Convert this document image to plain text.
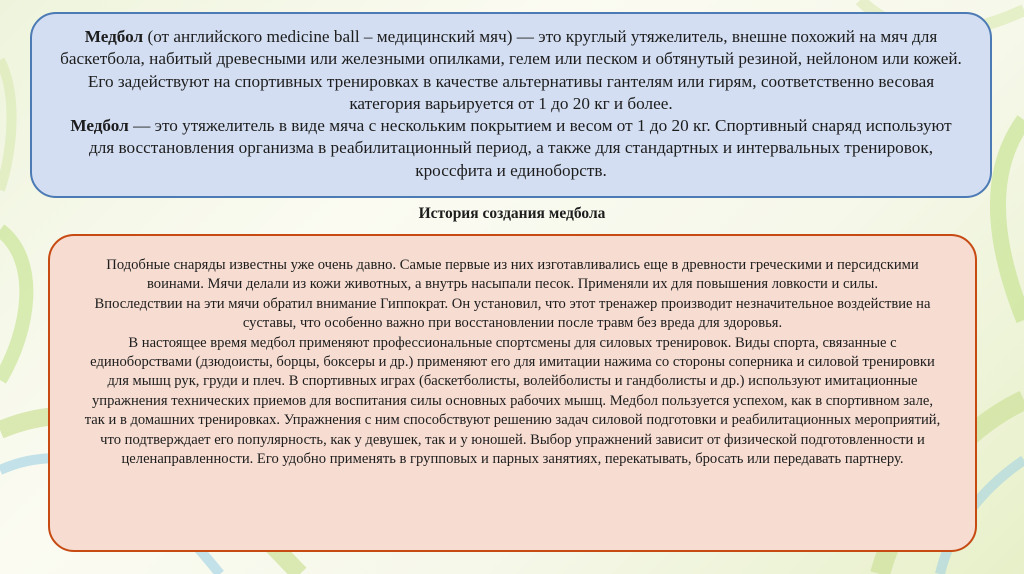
Медбол (от английского medicine ball – медицинский мяч) — это круглый утяжелитель, внешне похожий на мяч для баскетбола, набитый древесными или железными опилками, гелем или песком и обтянутый резиной, нейлоном или кожей. Его задействуют на спортивных тренировках в качестве альтернативы гантелям или гирям, соответственно весовая категория варьируется от 1 до 20 кг и более.

Медбол — это утяжелитель в виде мяча с нескольким покрытием и весом от 1 до 20 кг. Спортивный снаряд используют для восстановления организма в реабилитационный период, а также для стандартных и интервальных тренировок, кроссфита и единоборств.

История создания медбола

Подобные снаряды известны уже очень давно. Самые первые из них изготавливались еще в древности греческими и персидскими воинами. Мячи делали из кожи животных, а внутрь насыпали песок. Применяли их для повышения ловкости и силы.

Впоследствии на эти мячи обратил внимание Гиппократ. Он установил, что этот тренажер производит незначительное воздействие на суставы, что особенно важно при восстановлении после травм без вреда для здоровья.

В настоящее время медбол применяют профессиональные спортсмены для силовых тренировок. Виды спорта, связанные с единоборствами (дзюдоисты, борцы, боксеры и др.) применяют его для имитации нажима со стороны соперника и силовой тренировки для мышц рук, груди и плеч. В спортивных играх (баскетболисты, волейболисты и гандболисты и др.) используют имитационные упражнения технических приемов для воспитания силы основных рабочих мышц. Медбол пользуется успехом, как в спортивном зале, так и в домашних тренировках. Упражнения с ним способствуют решению задач силовой подготовки и реабилитационных мероприятий, что подтверждает его популярность, как у девушек, так и у юношей. Выбор упражнений зависит от физической подготовленности и целенаправленности. Его удобно применять в групповых и парных занятиях, перекатывать, бросать или передавать партнеру.
